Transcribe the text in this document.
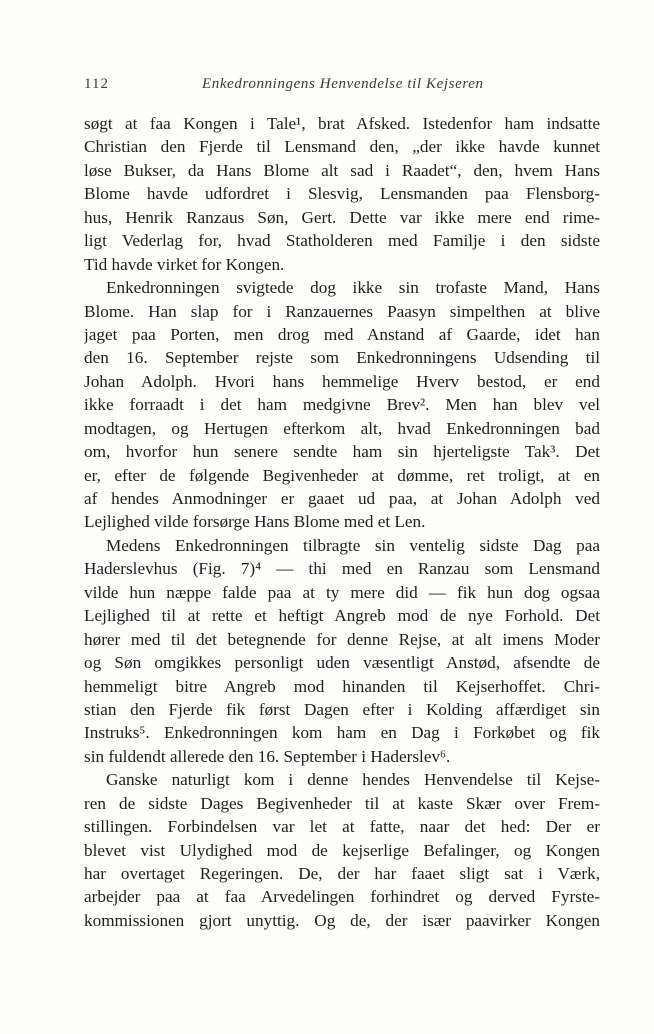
112	Enkedronningens Henvendelse til Kejseren
søgt at faa Kongen i Tale¹, brat Afsked. Istedenfor ham indsatte
Christian den Fjerde til Lensmand den, „der ikke havde kunnet
løse Bukser, da Hans Blome alt sad i Raadet“, den, hvem Hans
Blome havde udfordret i Slesvig, Lensmanden paa Flensborg-
hus, Henrik Ranzaus Søn, Gert. Dette var ikke mere end rime-
ligt Vederlag for, hvad Statholderen med Familje i den sidste
Tid havde virket for Kongen.
Enkedronningen svigtede dog ikke sin trofaste Mand, Hans
Blome. Han slap for i Ranzauernes Paasyn simpelthen at blive
jaget paa Porten, men drog med Anstand af Gaarde, idet han
den 16. September rejste som Enkedronningens Udsending til
Johan Adolph. Hvori hans hemmelige Hverv bestod, er end
ikke forraadt i det ham medgivne Brev². Men han blev vel
modtagen, og Hertugen efterkom alt, hvad Enkedronningen bad
om, hvorfor hun senere sendte ham sin hjerteligste Tak³. Det
er, efter de følgende Begivenheder at dømme, ret troligt, at en
af hendes Anmodninger er gaaet ud paa, at Johan Adolph ved
Lejlighed vilde forsørge Hans Blome med et Len.
Medens Enkedronningen tilbragte sin ventelig sidste Dag paa
Haderslevhus (Fig. 7)⁴ — thi med en Ranzau som Lensmand
vilde hun næppe falde paa at ty mere did — fik hun dog ogsaa
Lejlighed til at rette et heftigt Angreb mod de nye Forhold. Det
hører med til det betegnende for denne Rejse, at alt imens Moder
og Søn omgikkes personligt uden væsentligt Anstød, afsendte de
hemmeligt bitre Angreb mod hinanden til Kejserhoffet. Chri-
stian den Fjerde fik først Dagen efter i Kolding affærdiget sin
Instruks⁵. Enkedronningen kom ham en Dag i Forkøbet og fik
sin fuldendt allerede den 16. September i Haderslev⁶.
Ganske naturligt kom i denne hendes Henvendelse til Kejse-
ren de sidste Dages Begivenheder til at kaste Skær over Frem-
stillingen. Forbindelsen var let at fatte, naar det hed: Der er
blevet vist Ulydighed mod de kejserlige Befalinger, og Kongen
har overtaget Regeringen. De, der har faaet sligt sat i Værk,
arbejder paa at faa Arvedelingen forhindret og derved Fyrste-
kommissionen gjort unyttig. Og de, der især paavirker Kongen
